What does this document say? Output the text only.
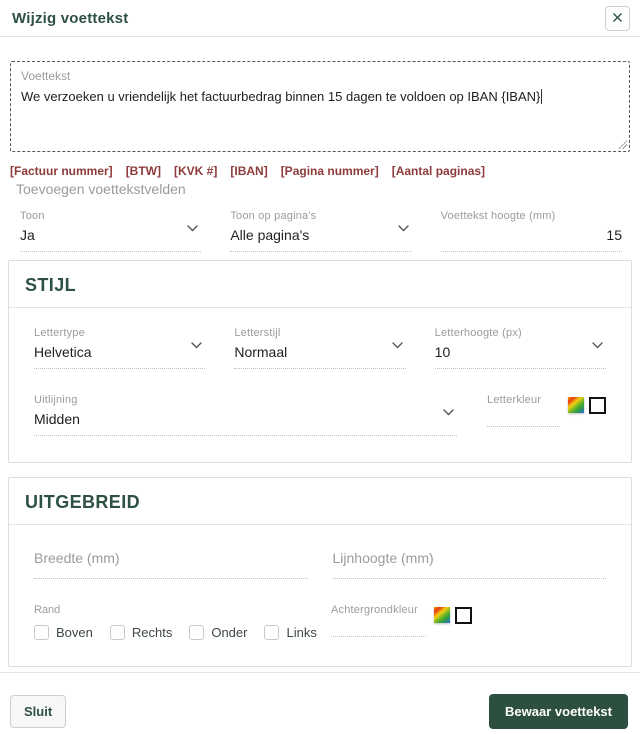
Wijzig voettekst
Voettekst
We verzoeken u vriendelijk het factuurbedrag binnen 15 dagen te voldoen op IBAN {IBAN}
[Factuur nummer] [BTW] [KVK #] [IBAN] [Pagina nummer] [Aantal paginas]
Toevoegen voettekstvelden
Toon
Ja
Toon op pagina's
Alle pagina's
Voettekst hoogte (mm)
15
STIJL
Lettertype
Helvetica
Letterstijl
Normaal
Letterhoogte (px)
10
Uitlijning
Midden
Letterkleur
UITGEBREID
Breedte (mm)	Lijnhoogte (mm)
Rand
Boven	Rechts	Onder	Links
Achtergrondkleur
Sluit	Bewaar voettekst
